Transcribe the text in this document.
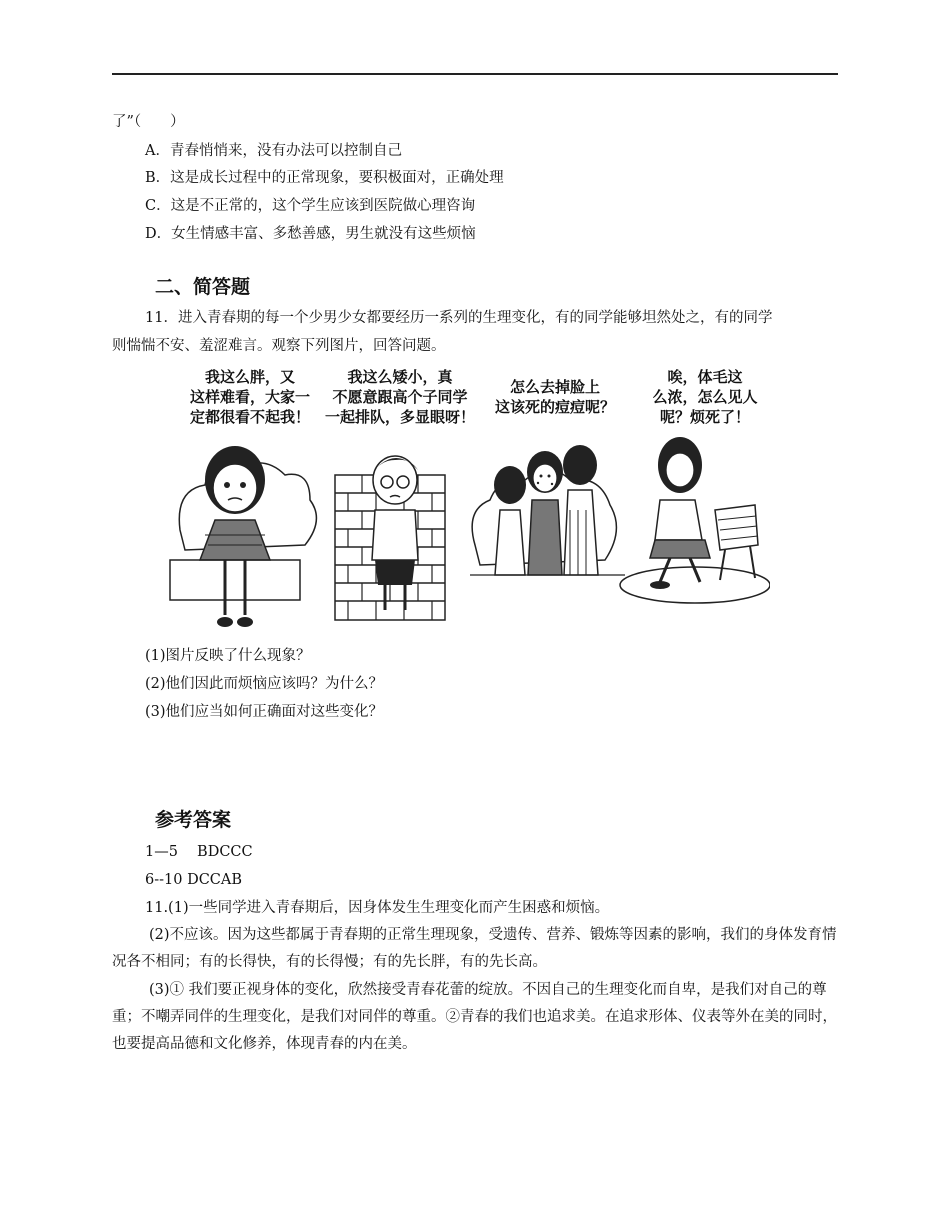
了”（　　）
A．青春悄悄来，没有办法可以控制自己
B．这是成长过程中的正常现象，要积极面对，正确处理
C．这是不正常的，这个学生应该到医院做心理咨询
D．女生情感丰富、多愁善感，男生就没有这些烦恼
二、简答题
11．进入青春期的每一个少男少女都要经历一系列的生理变化，有的同学能够坦然处之，有的同学
则惴惴不安、羞涩难言。观察下列图片，回答问题。
我这么胖，又
这样难看，大家一
定都很看不起我！
我这么矮小，真
不愿意跟高个子同学
一起排队，多显眼呀！
怎么去掉脸上
这该死的痘痘呢？
唉，体毛这
么浓，怎么见人
呢？烦死了！
(1)图片反映了什么现象？
(2)他们因此而烦恼应该吗？为什么？
(3)他们应当如何正确面对这些变化？
参考答案
1—5　 BDCCC
6--10 DCCAB
11.(1)一些同学进入青春期后，因身体发生生理变化而产生困惑和烦恼。
(2)不应该。因为这些都属于青春期的正常生理现象，受遗传、营养、锻炼等因素的影响，我们的身体发育情况各不相同；有的长得快，有的长得慢；有的先长胖，有的先长高。
(3)① 我们要正视身体的变化，欣然接受青春花蕾的绽放。不因自己的生理变化而自卑，是我们对自己的尊重；不嘲弄同伴的生理变化，是我们对同伴的尊重。②青春的我们也追求美。在追求形体、仪表等外在美的同时，也要提高品德和文化修养，体现青春的内在美。
